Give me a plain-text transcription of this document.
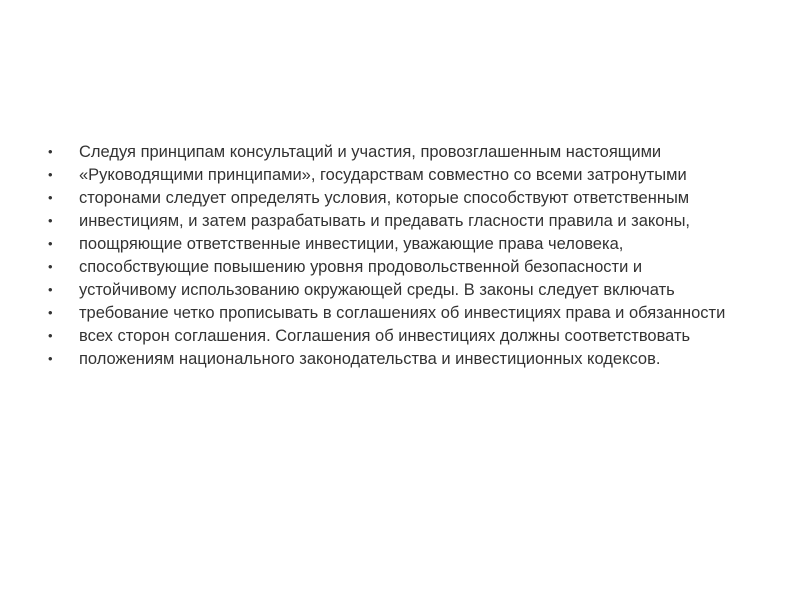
• Следуя принципам консультаций и участия, провозглашенным настоящими
• «Руководящими принципами», государствам совместно со всеми затронутыми
• сторонами следует определять условия, которые способствуют ответственным
• инвестициям, и затем разрабатывать и предавать гласности правила и законы,
• поощряющие ответственные инвестиции, уважающие права человека,
• способствующие повышению уровня продовольственной безопасности и
• устойчивому использованию окружающей среды. В законы следует включать
• требование четко прописывать в соглашениях об инвестициях права и обязанности
• всех сторон соглашения. Соглашения об инвестициях должны соответствовать
• положениям национального законодательства и инвестиционных кодексов.
